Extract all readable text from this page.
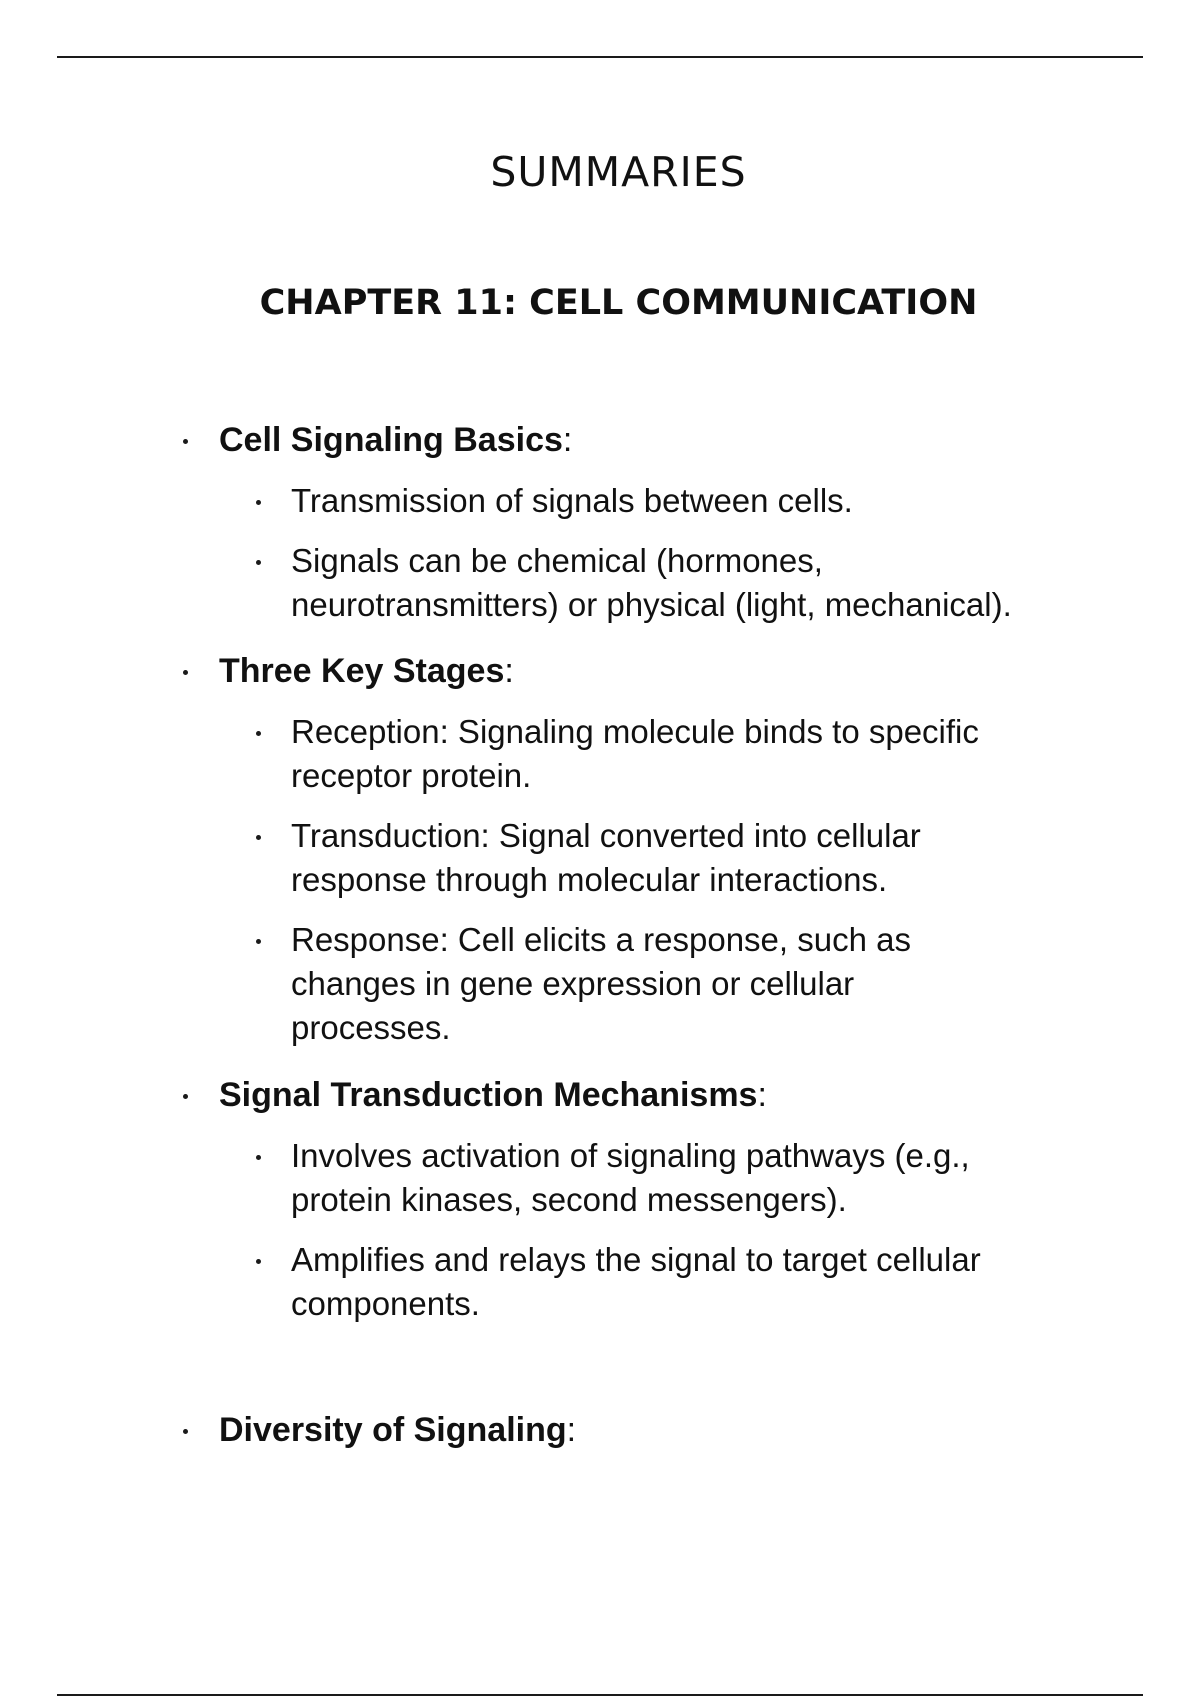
SUMMARIES
CHAPTER 11: CELL COMMUNICATION
Cell Signaling Basics:
Transmission of signals between cells.
Signals can be chemical (hormones,
neurotransmitters) or physical (light, mechanical).
Three Key Stages:
Reception: Signaling molecule binds to specific
receptor protein.
Transduction: Signal converted into cellular
response through molecular interactions.
Response: Cell elicits a response, such as
changes in gene expression or cellular
processes.
Signal Transduction Mechanisms:
Involves activation of signaling pathways (e.g.,
protein kinases, second messengers).
Amplifies and relays the signal to target cellular
components.
Diversity of Signaling:
